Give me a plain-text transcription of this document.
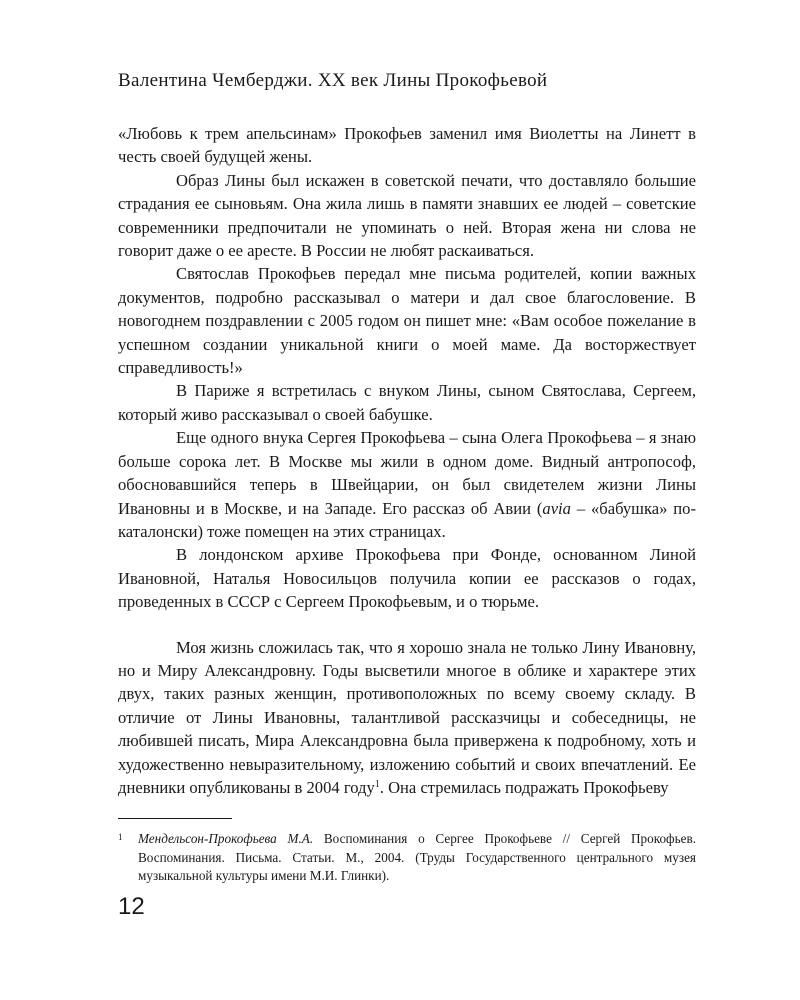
Валентина Чемберджи. XX век Лины Прокофьевой

«Любовь к трем апельсинам» Прокофьев заменил имя Виолетты на Линетт в честь своей будущей жены.

Образ Лины был искажен в советской печати, что доставляло большие страдания ее сыновьям. Она жила лишь в памяти знавших ее людей – советские современники предпочитали не упоминать о ней. Вторая жена ни слова не говорит даже о ее аресте. В России не любят раскаиваться.

Святослав Прокофьев передал мне письма родителей, копии важных документов, подробно рассказывал о матери и дал свое благословение. В новогоднем поздравлении с 2005 годом он пишет мне: «Вам особое пожелание в успешном создании уникальной книги о моей маме. Да восторжествует справедливость!»

В Париже я встретилась с внуком Лины, сыном Святослава, Сергеем, который живо рассказывал о своей бабушке.

Еще одного внука Сергея Прокофьева – сына Олега Прокофьева – я знаю больше сорока лет. В Москве мы жили в одном доме. Видный антропософ, обосновавшийся теперь в Швейцарии, он был свидетелем жизни Лины Ивановны и в Москве, и на Западе. Его рассказ об Авии (avia – «бабушка» по-каталонски) тоже помещен на этих страницах.

В лондонском архиве Прокофьева при Фонде, основанном Линой Ивановной, Наталья Новосильцов получила копии ее рассказов о годах, проведенных в СССР с Сергеем Прокофьевым, и о тюрьме.

Моя жизнь сложилась так, что я хорошо знала не только Лину Ивановну, но и Миру Александровну. Годы высветили многое в облике и характере этих двух, таких разных женщин, противоположных по всему своему складу. В отличие от Лины Ивановны, талантливой рассказчицы и собеседницы, не любившей писать, Мира Александровна была привержена к подробному, хоть и художественно невыразительному, изложению событий и своих впечатлений. Ее дневники опубликованы в 2004 году$^1$. Она стремилась подражать Прокофьеву

1 Мендельсон-Прокофьева М.А. Воспоминания о Сергее Прокофьеве // Сергей Прокофьев. Воспоминания. Письма. Статьи. М., 2004. (Труды Государственного центрального музея музыкальной культуры имени М.И. Глинки).
12
